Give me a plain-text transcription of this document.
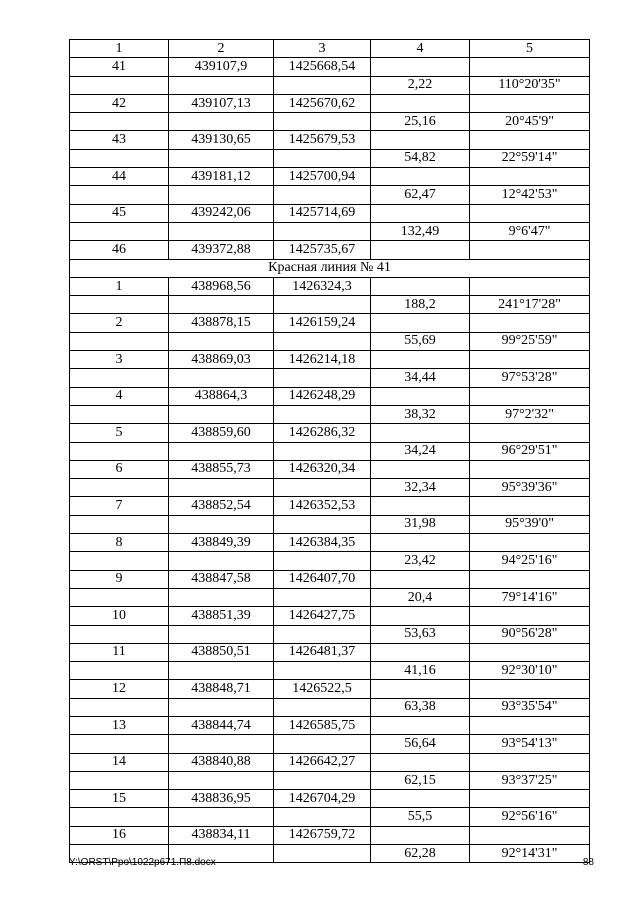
1	2	3	4	5
41	439107,9	1425668,54		
			2,22	110°20'35"
42	439107,13	1425670,62		
			25,16	20°45'9"
43	439130,65	1425679,53		
			54,82	22°59'14"
44	439181,12	1425700,94		
			62,47	12°42'53"
45	439242,06	1425714,69		
			132,49	9°6'47"
46	439372,88	1425735,67		
Красная линия № 41				
1	438968,56	1426324,3		
			188,2	241°17'28"
2	438878,15	1426159,24		
			55,69	99°25'59"
3	438869,03	1426214,18		
			34,44	97°53'28"
4	438864,3	1426248,29		
			38,32	97°2'32"
5	438859,60	1426286,32		
			34,24	96°29'51"
6	438855,73	1426320,34		
			32,34	95°39'36"
7	438852,54	1426352,53		
			31,98	95°39'0"
8	438849,39	1426384,35		
			23,42	94°25'16"
9	438847,58	1426407,70		
			20,4	79°14'16"
10	438851,39	1426427,75		
			53,63	90°56'28"
11	438850,51	1426481,37		
			41,16	92°30'10"
12	438848,71	1426522,5		
			63,38	93°35'54"
13	438844,74	1426585,75		
			56,64	93°54'13"
14	438840,88	1426642,27		
			62,15	93°37'25"
15	438836,95	1426704,29		
			55,5	92°56'16"
16	438834,11	1426759,72		
			62,28	92°14'31"
Y:\ORST\Ppo\1022p671.П8.docx	88
